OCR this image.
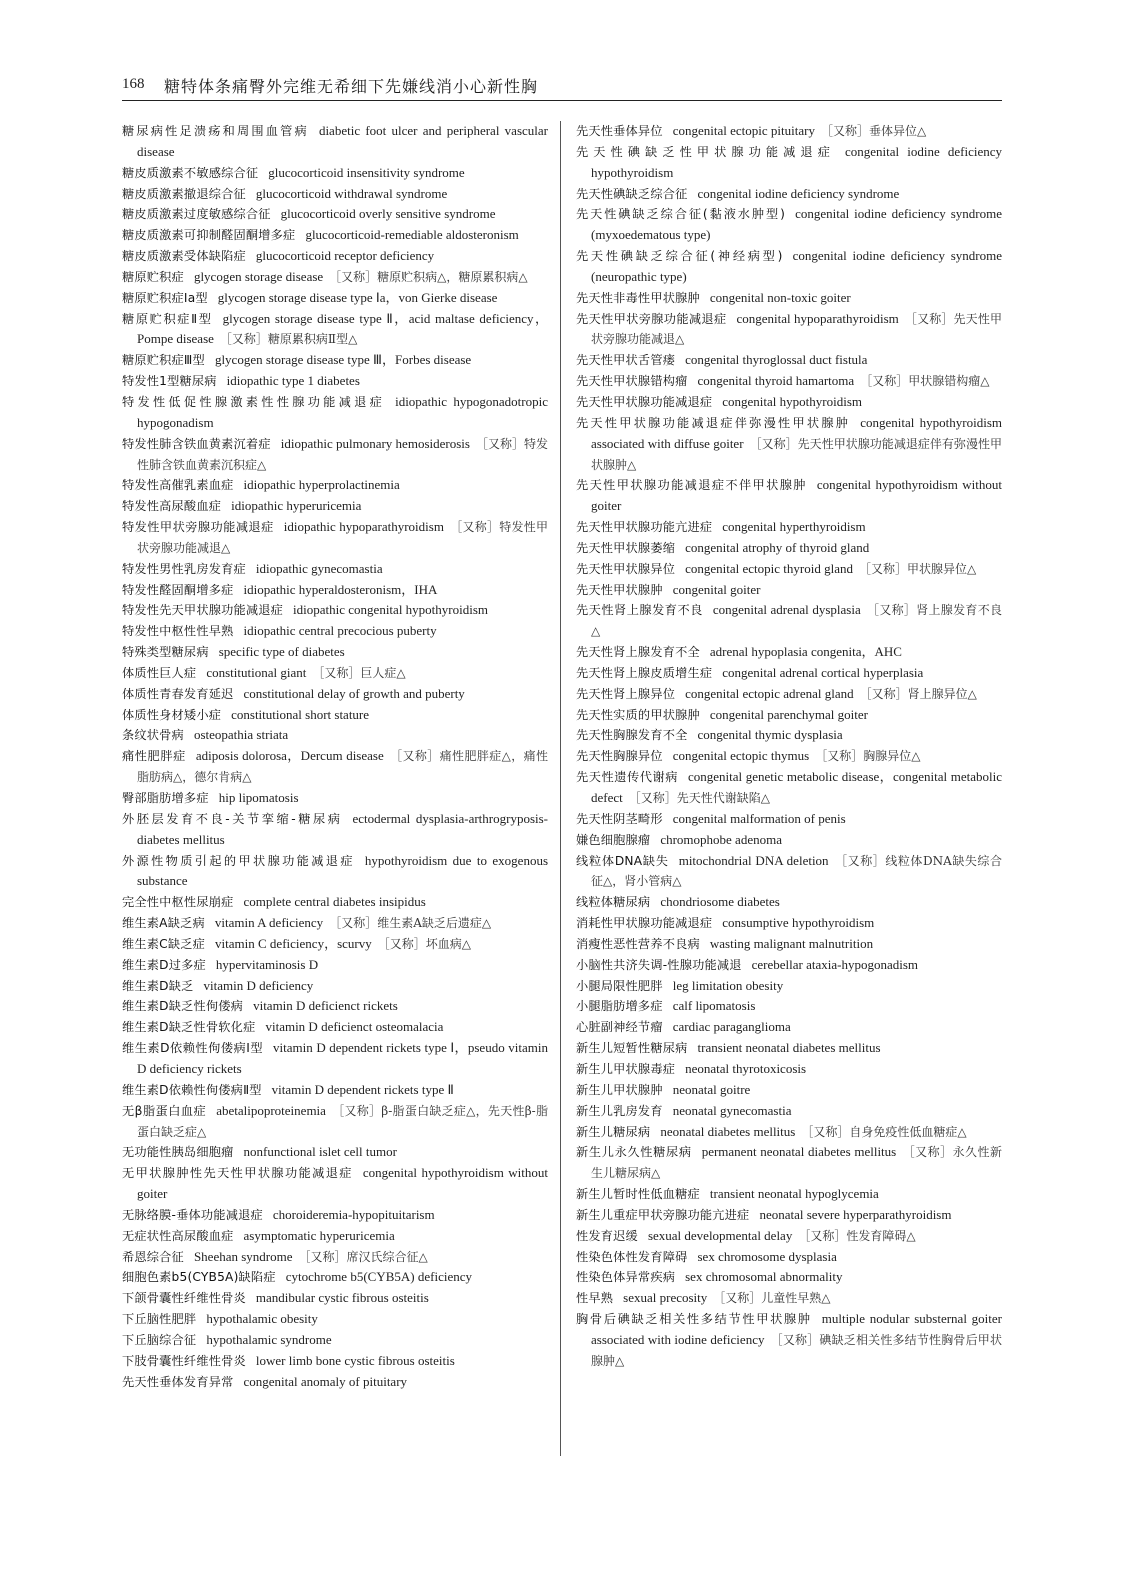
168 糖特体条痛臀外完维无希细下先嫌线消小心新性胸
糖尿病性足溃疡和周围血管病 diabetic foot ulcer and peripheral vascular disease
糖皮质激素不敏感综合征 glucocorticoid insensitivity syndrome
糖皮质激素撤退综合征 glucocorticoid withdrawal syndrome
糖皮质激素过度敏感综合征 glucocorticoid overly sensitive syndrome
糖皮质激素可抑制醛固酮增多症 glucocorticoid-remediable aldosteronism
糖皮质激素受体缺陷症 glucocorticoid receptor deficiency
糖原贮积症 glycogen storage disease ［又称］糖原贮积病△，糖原累积病△
糖原贮积症Ⅰa型 glycogen storage disease type Ⅰa，von Gierke disease
糖原贮积症Ⅱ型 glycogen storage disease type Ⅱ，acid maltase deficiency，Pompe disease ［又称］糖原累积病Ⅱ型△
糖原贮积症Ⅲ型 glycogen storage disease type Ⅲ，Forbes disease
特发性1型糖尿病 idiopathic type 1 diabetes
特发性低促性腺激素性性腺功能减退症 idiopathic hypogonadotropic hypogonadism
特发性肺含铁血黄素沉着症 idiopathic pulmonary hemosiderosis ［又称］特发性肺含铁血黄素沉积症△
特发性高催乳素血症 idiopathic hyperprolactinemia
特发性高尿酸血症 idiopathic hyperuricemia
特发性甲状旁腺功能减退症 idiopathic hypoparathyroidism ［又称］特发性甲状旁腺功能减退△
特发性男性乳房发育症 idiopathic gynecomastia
特发性醛固酮增多症 idiopathic hyperaldosteronism，IHA
特发性先天甲状腺功能减退症 idiopathic congenital hypothyroidism
特发性中枢性性早熟 idiopathic central precocious puberty
特殊类型糖尿病 specific type of diabetes
体质性巨人症 constitutional giant ［又称］巨人症△
体质性青春发育延迟 constitutional delay of growth and puberty
体质性身材矮小症 constitutional short stature
条纹状骨病 osteopathia striata
痛性肥胖症 adiposis dolorosa，Dercum disease ［又称］痛性肥胖症△，痛性脂肪病△，德尔肯病△
臀部脂肪增多症 hip lipomatosis
外胚层发育不良-关节挛缩-糖尿病 ectodermal dysplasia-arthrogryposis-diabetes mellitus
外源性物质引起的甲状腺功能减退症 hypothyroidism due to exogenous substance
完全性中枢性尿崩症 complete central diabetes insipidus
维生素A缺乏病 vitamin A deficiency ［又称］维生素A缺乏后遗症△
维生素C缺乏症 vitamin C deficiency，scurvy ［又称］坏血病△
维生素D过多症 hypervitaminosis D
维生素D缺乏 vitamin D deficiency
维生素D缺乏性佝偻病 vitamin D deficienct rickets
维生素D缺乏性骨软化症 vitamin D deficienct osteomalacia
维生素D依赖性佝偻病Ⅰ型 vitamin D dependent rickets type Ⅰ，pseudo vitamin D deficiency rickets
维生素D依赖性佝偻病Ⅱ型 vitamin D dependent rickets type Ⅱ
无β脂蛋白血症 abetalipoproteinemia ［又称］β-脂蛋白缺乏症△，先天性β-脂蛋白缺乏症△
无功能性胰岛细胞瘤 nonfunctional islet cell tumor
无甲状腺肿性先天性甲状腺功能减退症 congenital hypothyroidism without goiter
无脉络膜-垂体功能减退症 choroideremia-hypopituitarism
无症状性高尿酸血症 asymptomatic hyperuricemia
希恩综合征 Sheehan syndrome ［又称］席汉氏综合征△
细胞色素b5(CYB5A)缺陷症 cytochrome b5(CYB5A) deficiency
下颌骨囊性纤维性骨炎 mandibular cystic fibrous osteitis
下丘脑性肥胖 hypothalamic obesity
下丘脑综合征 hypothalamic syndrome
下肢骨囊性纤维性骨炎 lower limb bone cystic fibrous osteitis
先天性垂体发育异常 congenital anomaly of pituitary
先天性垂体异位 congenital ectopic pituitary ［又称］垂体异位△
先天性碘缺乏性甲状腺功能减退症 congenital iodine deficiency hypothyroidism
先天性碘缺乏综合征 congenital iodine deficiency syndrome
先天性碘缺乏综合征(黏液水肿型) congenital iodine deficiency syndrome (myxoedematous type)
先天性碘缺乏综合征(神经病型) congenital iodine deficiency syndrome (neuropathic type)
先天性非毒性甲状腺肿 congenital non-toxic goiter
先天性甲状旁腺功能减退症 congenital hypoparathyroidism ［又称］先天性甲状旁腺功能减退△
先天性甲状舌管瘘 congenital thyroglossal duct fistula
先天性甲状腺错构瘤 congenital thyroid hamartoma ［又称］甲状腺错构瘤△
先天性甲状腺功能减退症 congenital hypothyroidism
先天性甲状腺功能减退症伴弥漫性甲状腺肿 congenital hypothyroidism associated with diffuse goiter ［又称］先天性甲状腺功能减退症伴有弥漫性甲状腺肿△
先天性甲状腺功能减退症不伴甲状腺肿 congenital hypothyroidism without goiter
先天性甲状腺功能亢进症 congenital hyperthyroidism
先天性甲状腺萎缩 congenital atrophy of thyroid gland
先天性甲状腺异位 congenital ectopic thyroid gland ［又称］甲状腺异位△
先天性甲状腺肿 congenital goiter
先天性肾上腺发育不良 congenital adrenal dysplasia ［又称］肾上腺发育不良△
先天性肾上腺发育不全 adrenal hypoplasia congenita，AHC
先天性肾上腺皮质增生症 congenital adrenal cortical hyperplasia
先天性肾上腺异位 congenital ectopic adrenal gland ［又称］肾上腺异位△
先天性实质的甲状腺肿 congenital parenchymal goiter
先天性胸腺发育不全 congenital thymic dysplasia
先天性胸腺异位 congenital ectopic thymus ［又称］胸腺异位△
先天性遗传代谢病 congenital genetic metabolic disease，congenital metabolic defect ［又称］先天性代谢缺陷△
先天性阴茎畸形 congenital malformation of penis
嫌色细胞腺瘤 chromophobe adenoma
线粒体DNA缺失 mitochondrial DNA deletion ［又称］线粒体DNA缺失综合征△，肾小管病△
线粒体糖尿病 chondriosome diabetes
消耗性甲状腺功能减退症 consumptive hypothyroidism
消瘦性恶性营养不良病 wasting malignant malnutrition
小脑性共济失调-性腺功能减退 cerebellar ataxia-hypogonadism
小腿局限性肥胖 leg limitation obesity
小腿脂肪增多症 calf lipomatosis
心脏副神经节瘤 cardiac paraganglioma
新生儿短暂性糖尿病 transient neonatal diabetes mellitus
新生儿甲状腺毒症 neonatal thyrotoxicosis
新生儿甲状腺肿 neonatal goitre
新生儿乳房发育 neonatal gynecomastia
新生儿糖尿病 neonatal diabetes mellitus ［又称］自身免疫性低血糖症△
新生儿永久性糖尿病 permanent neonatal diabetes mellitus ［又称］永久性新生儿糖尿病△
新生儿暂时性低血糖症 transient neonatal hypoglycemia
新生儿重症甲状旁腺功能亢进症 neonatal severe hyperparathyroidism
性发育迟缓 sexual developmental delay ［又称］性发育障碍△
性染色体性发育障碍 sex chromosome dysplasia
性染色体异常疾病 sex chromosomal abnormality
性早熟 sexual precosity ［又称］儿童性早熟△
胸骨后碘缺乏相关性多结节性甲状腺肿 multiple nodular substernal goiter associated with iodine deficiency ［又称］碘缺乏相关性多结节性胸骨后甲状腺肿△
